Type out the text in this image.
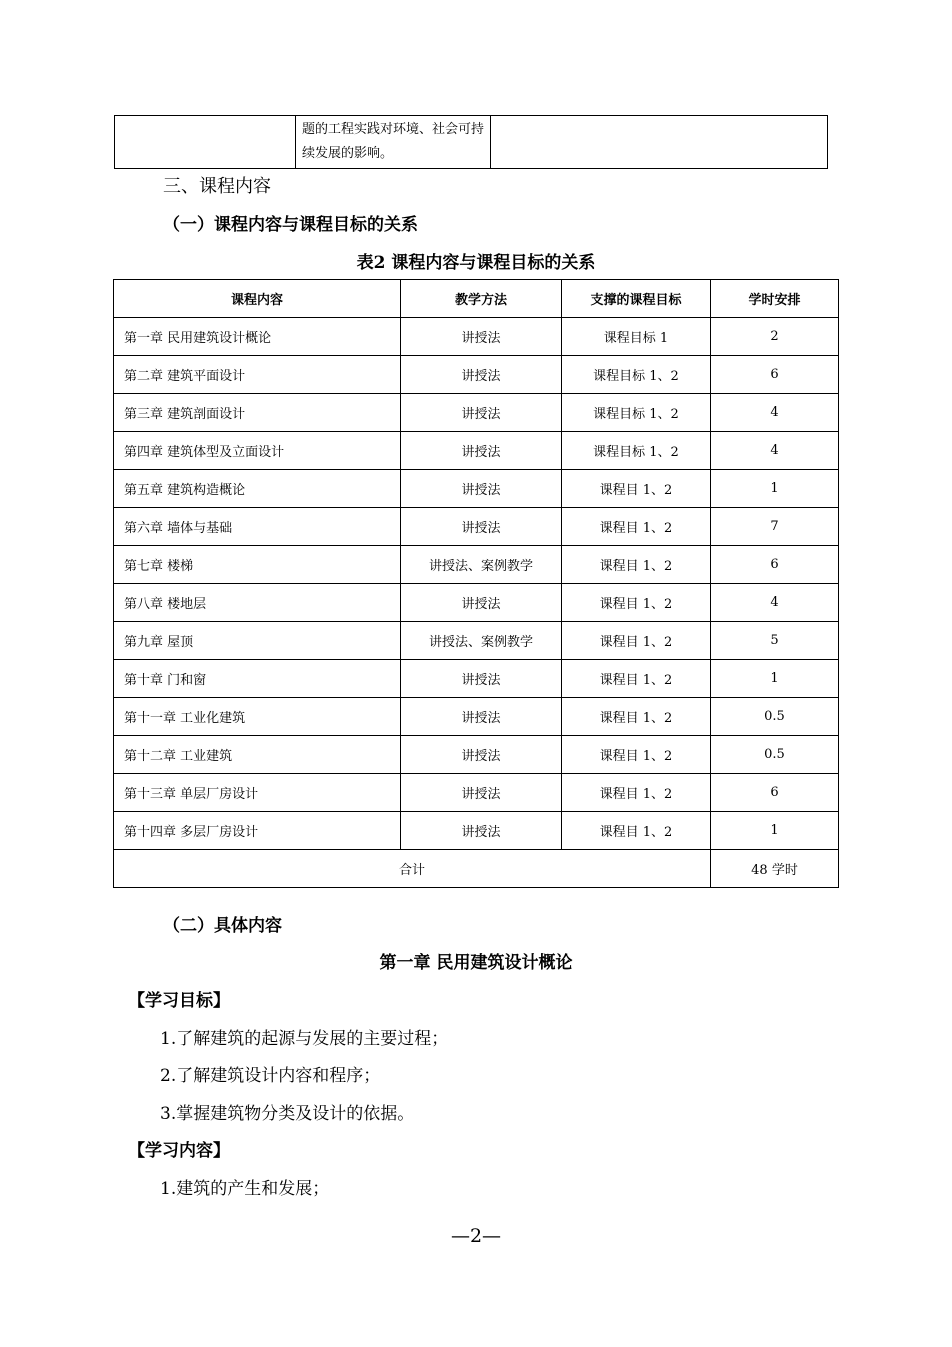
	题的工程实践对环境、社会可持续发展的影响。	
三、课程内容
（一）课程内容与课程目标的关系
表2 课程内容与课程目标的关系
课程内容	教学方法	支撑的课程目标	学时安排
第一章 民用建筑设计概论	讲授法	课程目标 1	2
第二章 建筑平面设计	讲授法	课程目标 1、2	6
第三章 建筑剖面设计	讲授法	课程目标 1、2	4
第四章 建筑体型及立面设计	讲授法	课程目标 1、2	4
第五章 建筑构造概论	讲授法	课程目 1、2	1
第六章 墙体与基础	讲授法	课程目 1、2	7
第七章 楼梯	讲授法、案例教学	课程目 1、2	6
第八章 楼地层	讲授法	课程目 1、2	4
第九章 屋顶	讲授法、案例教学	课程目 1、2	5
第十章 门和窗	讲授法	课程目 1、2	1
第十一章 工业化建筑	讲授法	课程目 1、2	0.5
第十二章 工业建筑	讲授法	课程目 1、2	0.5
第十三章 单层厂房设计	讲授法	课程目 1、2	6
第十四章 多层厂房设计	讲授法	课程目 1、2	1
合计			48 学时
（二）具体内容
第一章 民用建筑设计概论
【学习目标】
1.了解建筑的起源与发展的主要过程；
2.了解建筑设计内容和程序；
3.掌握建筑物分类及设计的依据。
【学习内容】
1.建筑的产生和发展；
—2—
